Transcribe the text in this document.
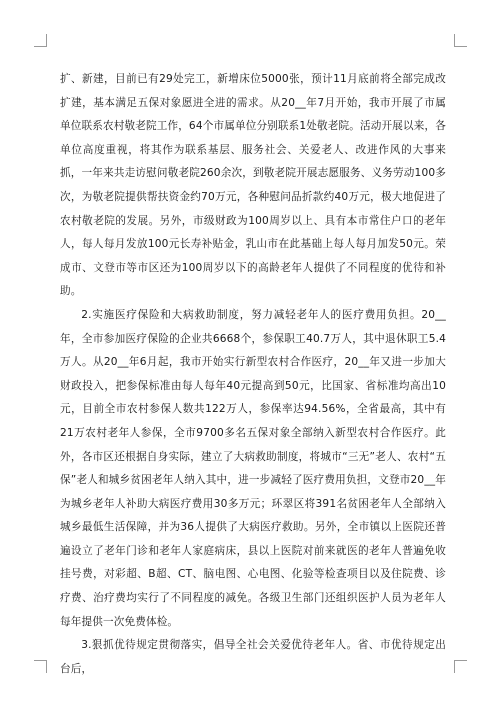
扩、新建，目前已有29处完工，新增床位5000张，预计11月底前将全部完成改扩建，基本满足五保对象愿进全进的需求。从20__年7月开始，我市开展了市属单位联系农村敬老院工作，64个市属单位分别联系1处敬老院。活动开展以来，各单位高度重视，将其作为联系基层、服务社会、关爱老人、改进作风的大事来抓，一年来共走访慰问敬老院260余次，到敬老院开展志愿服务、义务劳动100多次，为敬老院提供帮扶资金约70万元，各种慰问品折款约40万元，极大地促进了农村敬老院的发展。另外，市级财政为100周岁以上、具有本市常住户口的老年人，每人每月发放100元长寿补贴金，乳山市在此基础上每人每月加发50元。荣成市、文登市等市区还为100周岁以下的高龄老年人提供了不同程度的优待和补助。

2.实施医疗保险和大病救助制度，努力减轻老年人的医疗费用负担。20__年，全市参加医疗保险的企业共6668个，参保职工40.7万人，其中退休职工5.4万人。从20__年6月起，我市开始实行新型农村合作医疗，20__年又进一步加大财政投入，把参保标准由每人每年40元提高到50元，比国家、省标准均高出10元，目前全市农村参保人数共122万人，参保率达94.56%，全省最高，其中有21万农村老年人参保，全市9700多名五保对象全部纳入新型农村合作医疗。此外，各市区还根据自身实际，建立了大病救助制度，将城市“三无”老人、农村“五保”老人和城乡贫困老年人纳入其中，进一步减轻了医疗费用负担，文登市20__年为城乡老年人补助大病医疗费用30多万元；环翠区将391名贫困老年人全部纳入城乡最低生活保障，并为36人提供了大病医疗救助。另外，全市镇以上医院还普遍设立了老年门诊和老年人家庭病床，县以上医院对前来就医的老年人普遍免收挂号费，对彩超、B超、CT、脑电图、心电图、化验等检查项目以及住院费、诊疗费、治疗费均实行了不同程度的减免。各级卫生部门还组织医护人员为老年人每年提供一次免费体检。

3.狠抓优待规定贯彻落实，倡导全社会关爱优待老年人。省、市优待规定出台后，
